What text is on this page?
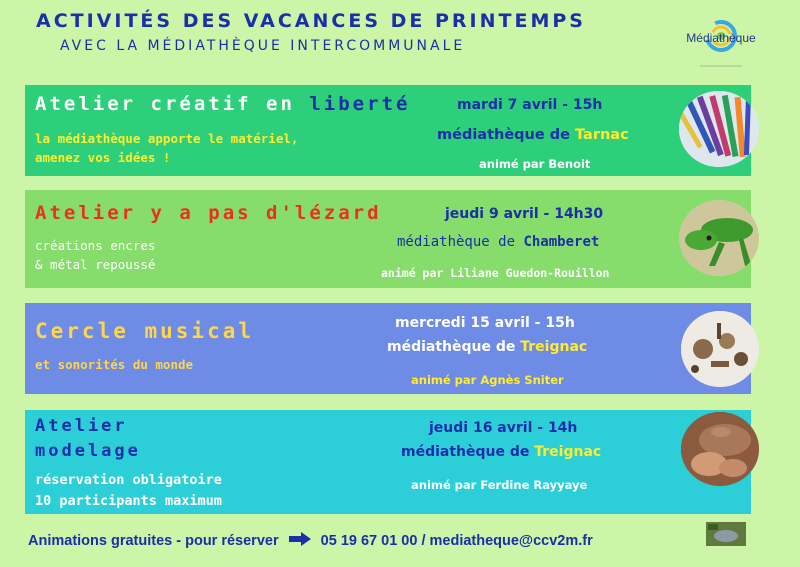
ACTIVITÉS DES VACANCES DE PRINTEMPS
AVEC LA MÉDIATHÈQUE INTERCOMMUNALE	Médiathèque
Atelier créatif en liberté
la médiathèque apporte le matériel,
amenez vos idées !
mardi 7 avril - 15h
médiathèque de Tarnac
animé par Benoit
Atelier y a pas d'lézard
créations encres
& métal repoussé
jeudi 9 avril - 14h30
médiathèque de Chamberet
animé par Liliane Guedon-Rouillon
Cercle musical
et sonorités du monde
mercredi 15 avril - 15h
médiathèque de Treignac
animé par Agnès Sniter
Atelier
modelage
réservation obligatoire
10 participants maximum
jeudi 16 avril - 14h
médiathèque de Treignac
animé par Ferdine Rayyaye
Animations gratuites - pour réserver	05 19 67 01 00 / mediatheque@ccv2m.fr
